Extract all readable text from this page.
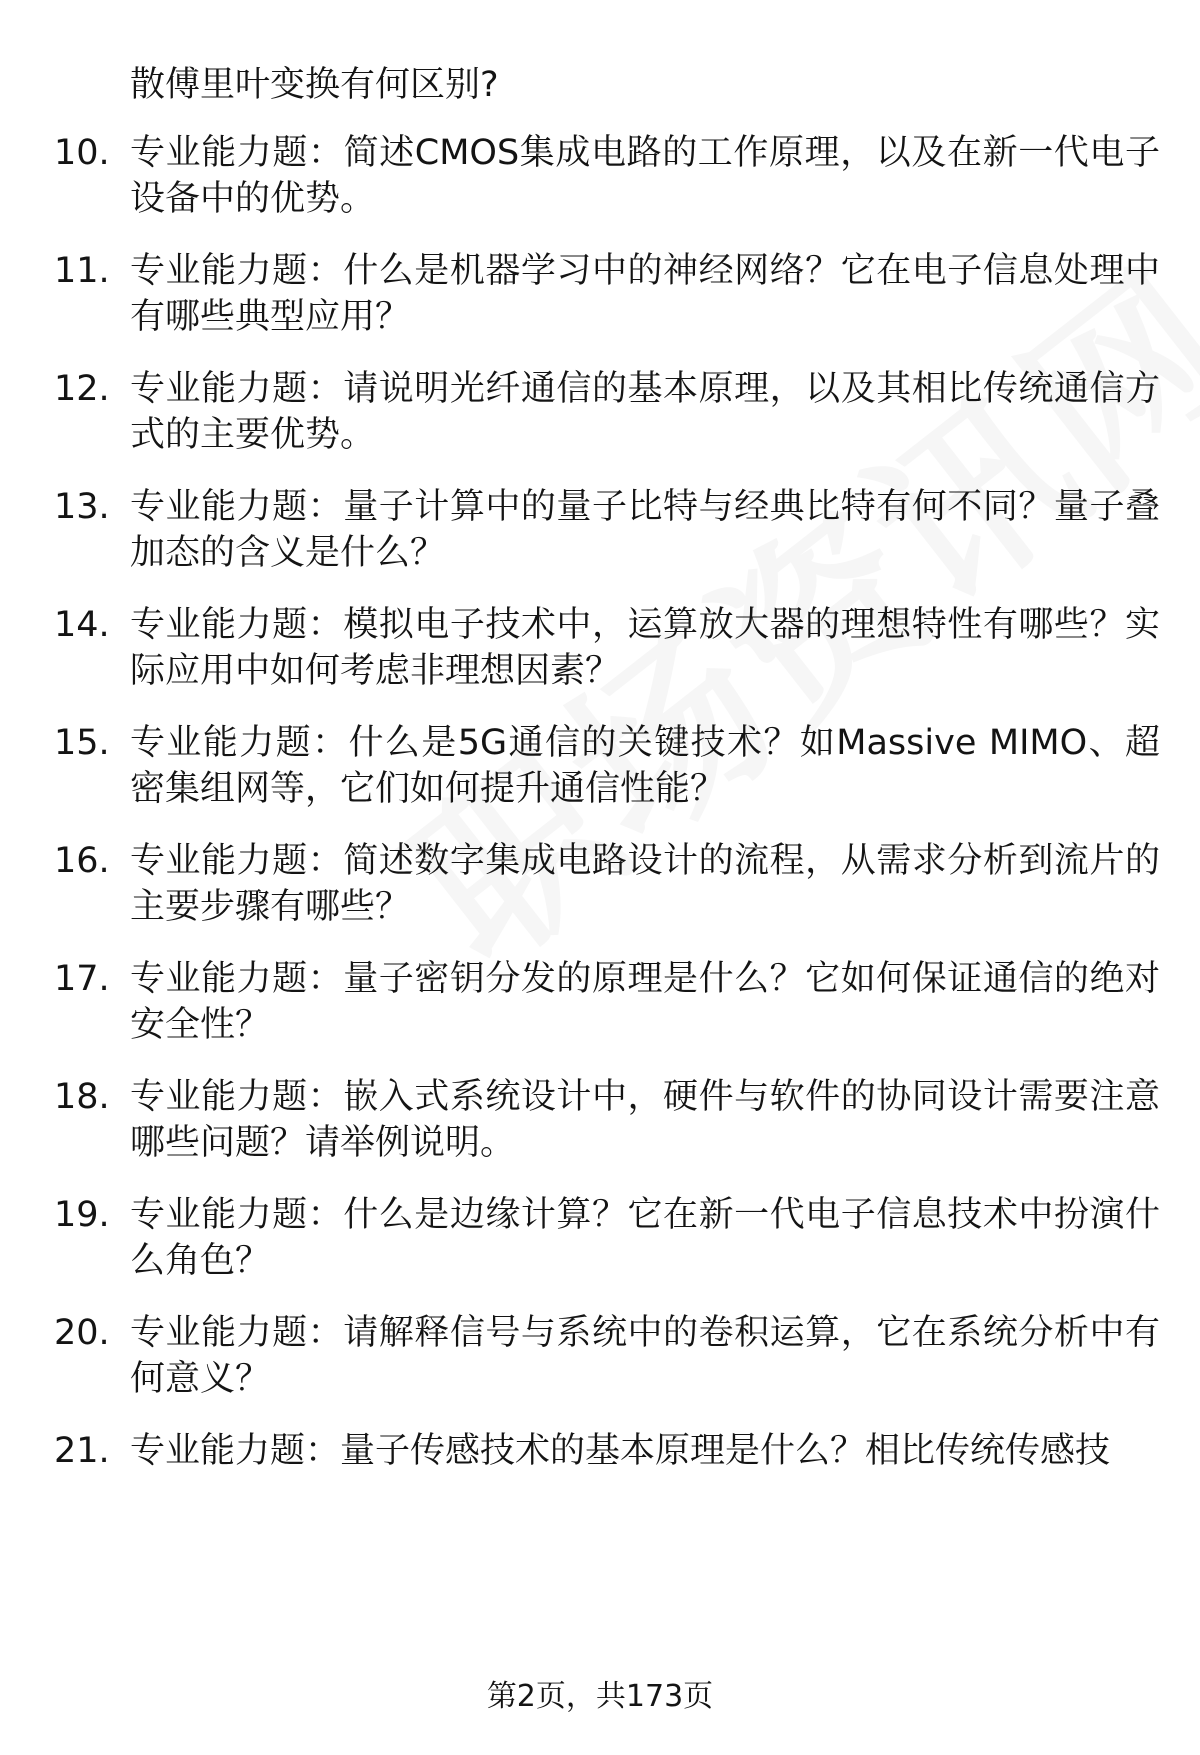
散傅里叶变换有何区别?
10. 专业能力题：简述CMOS集成电路的工作原理，以及在新一代电子设备中的优势。
11. 专业能力题：什么是机器学习中的神经网络？它在电子信息处理中有哪些典型应用？
12. 专业能力题：请说明光纤通信的基本原理，以及其相比传统通信方式的主要优势。
13. 专业能力题：量子计算中的量子比特与经典比特有何不同？量子叠加态的含义是什么？
14. 专业能力题：模拟电子技术中，运算放大器的理想特性有哪些？实际应用中如何考虑非理想因素？
15. 专业能力题：什么是5G通信的关键技术？如Massive MIMO、超密集组网等，它们如何提升通信性能？
16. 专业能力题：简述数字集成电路设计的流程，从需求分析到流片的主要步骤有哪些？
17. 专业能力题：量子密钥分发的原理是什么？它如何保证通信的绝对安全性？
18. 专业能力题：嵌入式系统设计中，硬件与软件的协同设计需要注意哪些问题？请举例说明。
19. 专业能力题：什么是边缘计算？它在新一代电子信息技术中扮演什么角色？
20. 专业能力题：请解释信号与系统中的卷积运算，它在系统分析中有何意义？
21. 专业能力题：量子传感技术的基本原理是什么？相比传统传感技
第2页，共173页
